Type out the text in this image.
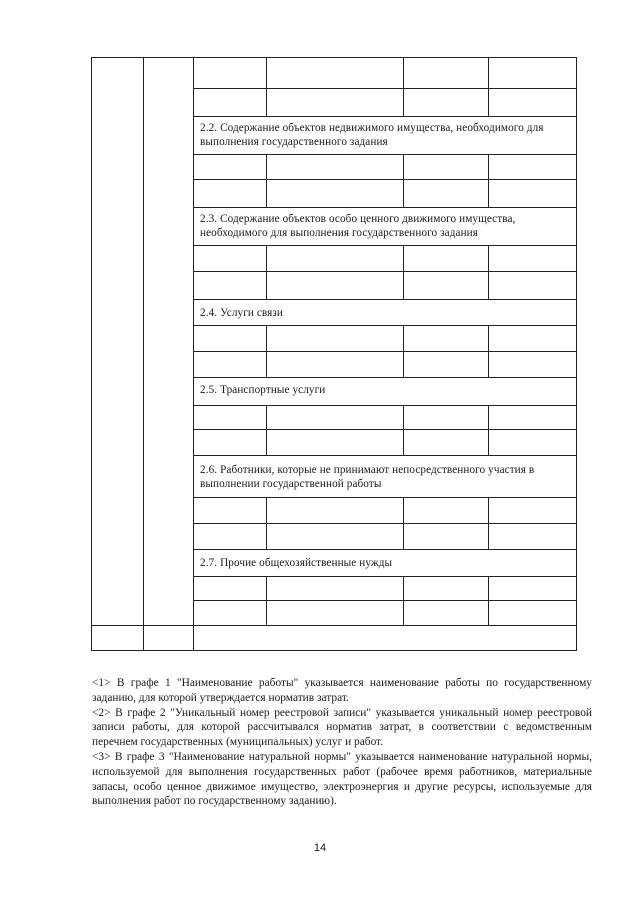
2.2. Содержание объектов недвижимого имущества, необходимого для выполнения государственного задания
2.3. Содержание объектов особо ценного движимого имущества, необходимого для выполнения государственного задания
2.4. Услуги связи
2.5. Транспортные услуги
2.6. Работники, которые не принимают непосредственного участия в выполнении государственной работы
2.7. Прочие общехозяйственные нужды

<1> В графе 1 "Наименование работы" указывается наименование работы по государственному заданию, для которой утверждается норматив затрат.

<2> В графе 2 "Уникальный номер реестровой записи" указывается уникальный номер реестровой записи работы, для которой рассчитывался норматив затрат, в соответствии с ведомственным перечнем государственных (муниципальных) услуг и работ.

<3> В графе 3 "Наименование натуральной нормы" указывается наименование натуральной нормы, используемой для выполнения государственных работ (рабочее время работников, материальные запасы, особо ценное движимое имущество, электроэнергия и другие ресурсы, используемые для выполнения работ по государственному заданию).

14
